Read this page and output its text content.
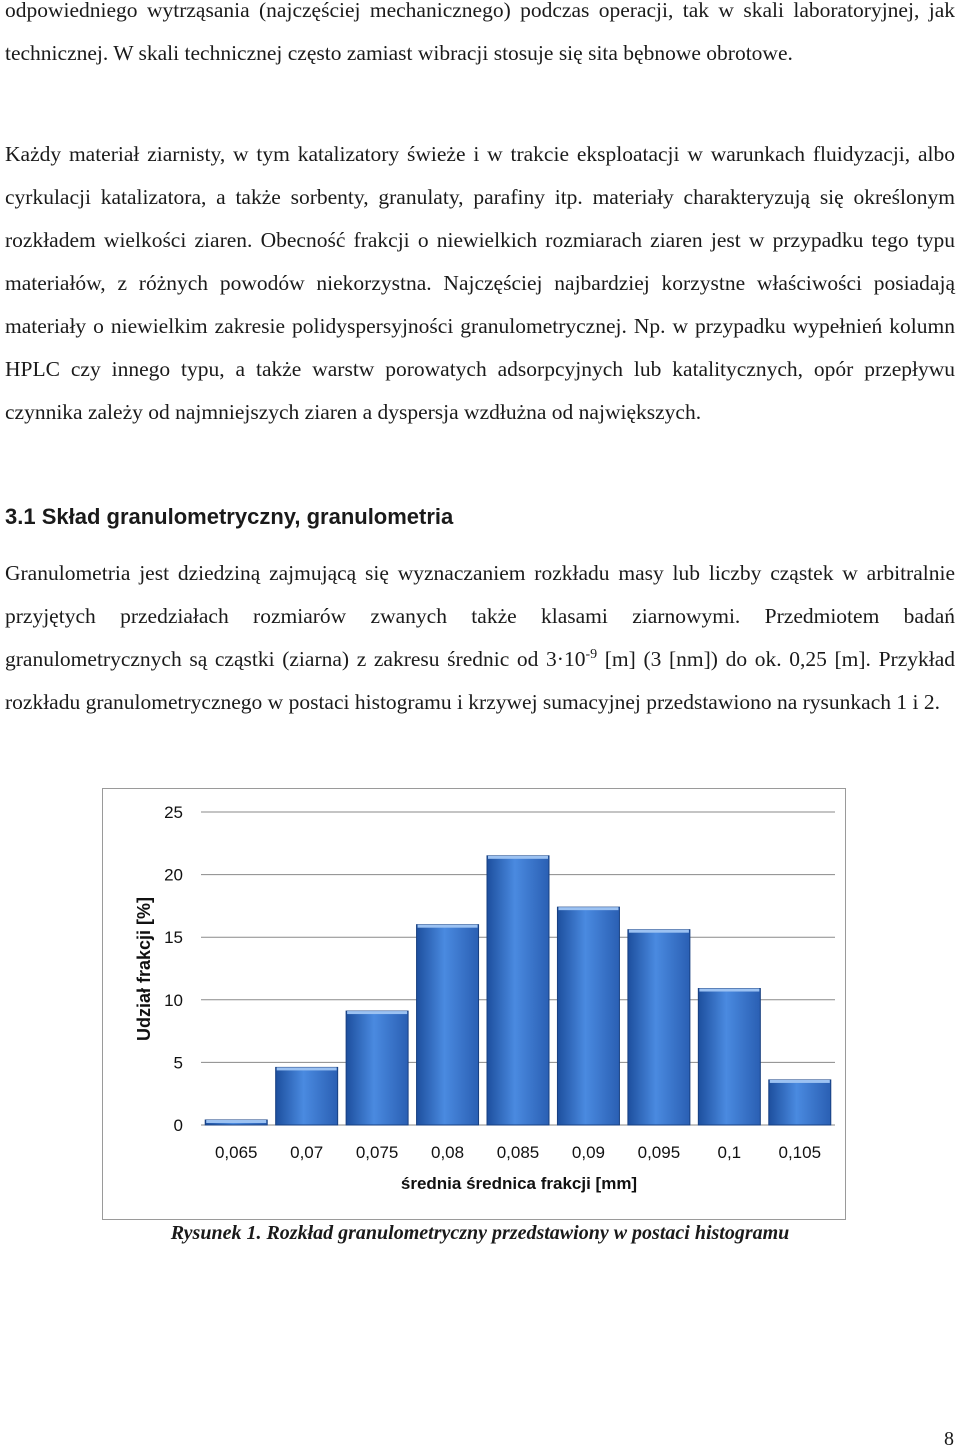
odpowiedniego wytrząsania (najczęściej mechanicznego) podczas operacji, tak w skali laboratoryjnej, jak technicznej. W skali technicznej często zamiast wibracji stosuje się sita bębnowe obrotowe.

Każdy materiał ziarnisty, w tym katalizatory świeże i w trakcie eksploatacji w warunkach fluidyzacji, albo cyrkulacji katalizatora, a także sorbenty, granulaty, parafiny itp. materiały charakteryzują się określonym rozkładem wielkości ziaren. Obecność frakcji o niewielkich rozmiarach ziaren jest w przypadku tego typu materiałów, z różnych powodów niekorzystna. Najczęściej najbardziej korzystne właściwości posiadają materiały o niewielkim zakresie polidyspersyjności granulometrycznej. Np. w przypadku wypełnień kolumn HPLC czy innego typu, a także warstw porowatych adsorpcyjnych lub katalitycznych, opór przepływu czynnika zależy od najmniejszych ziaren a dyspersja wzdłużna od największych.

3.1 Skład granulometryczny, granulometria

Granulometria jest dziedziną zajmującą się wyznaczaniem rozkładu masy lub liczby cząstek w arbitralnie przyjętych przedziałach rozmiarów zwanych także klasami ziarnowymi. Przedmiotem badań granulometrycznych są cząstki (ziarna) z zakresu średnic od $3\cdot 10^{-9}$ [m] (3 [nm]) do ok. 0,25 [m]. Przykład rozkładu granulometrycznego w postaci histogramu i krzywej sumacyjnej przedstawiono na rysunkach 1 i 2.

0
5
10
15
20
25
0,065 0,07 0,075 0,08 0,085 0,09 0,095 0,1 0,105
Udział frakcji [%]
średnia średnica frakcji [mm]

Rysunek 1. Rozkład granulometryczny przedstawiony w postaci histogramu

8
